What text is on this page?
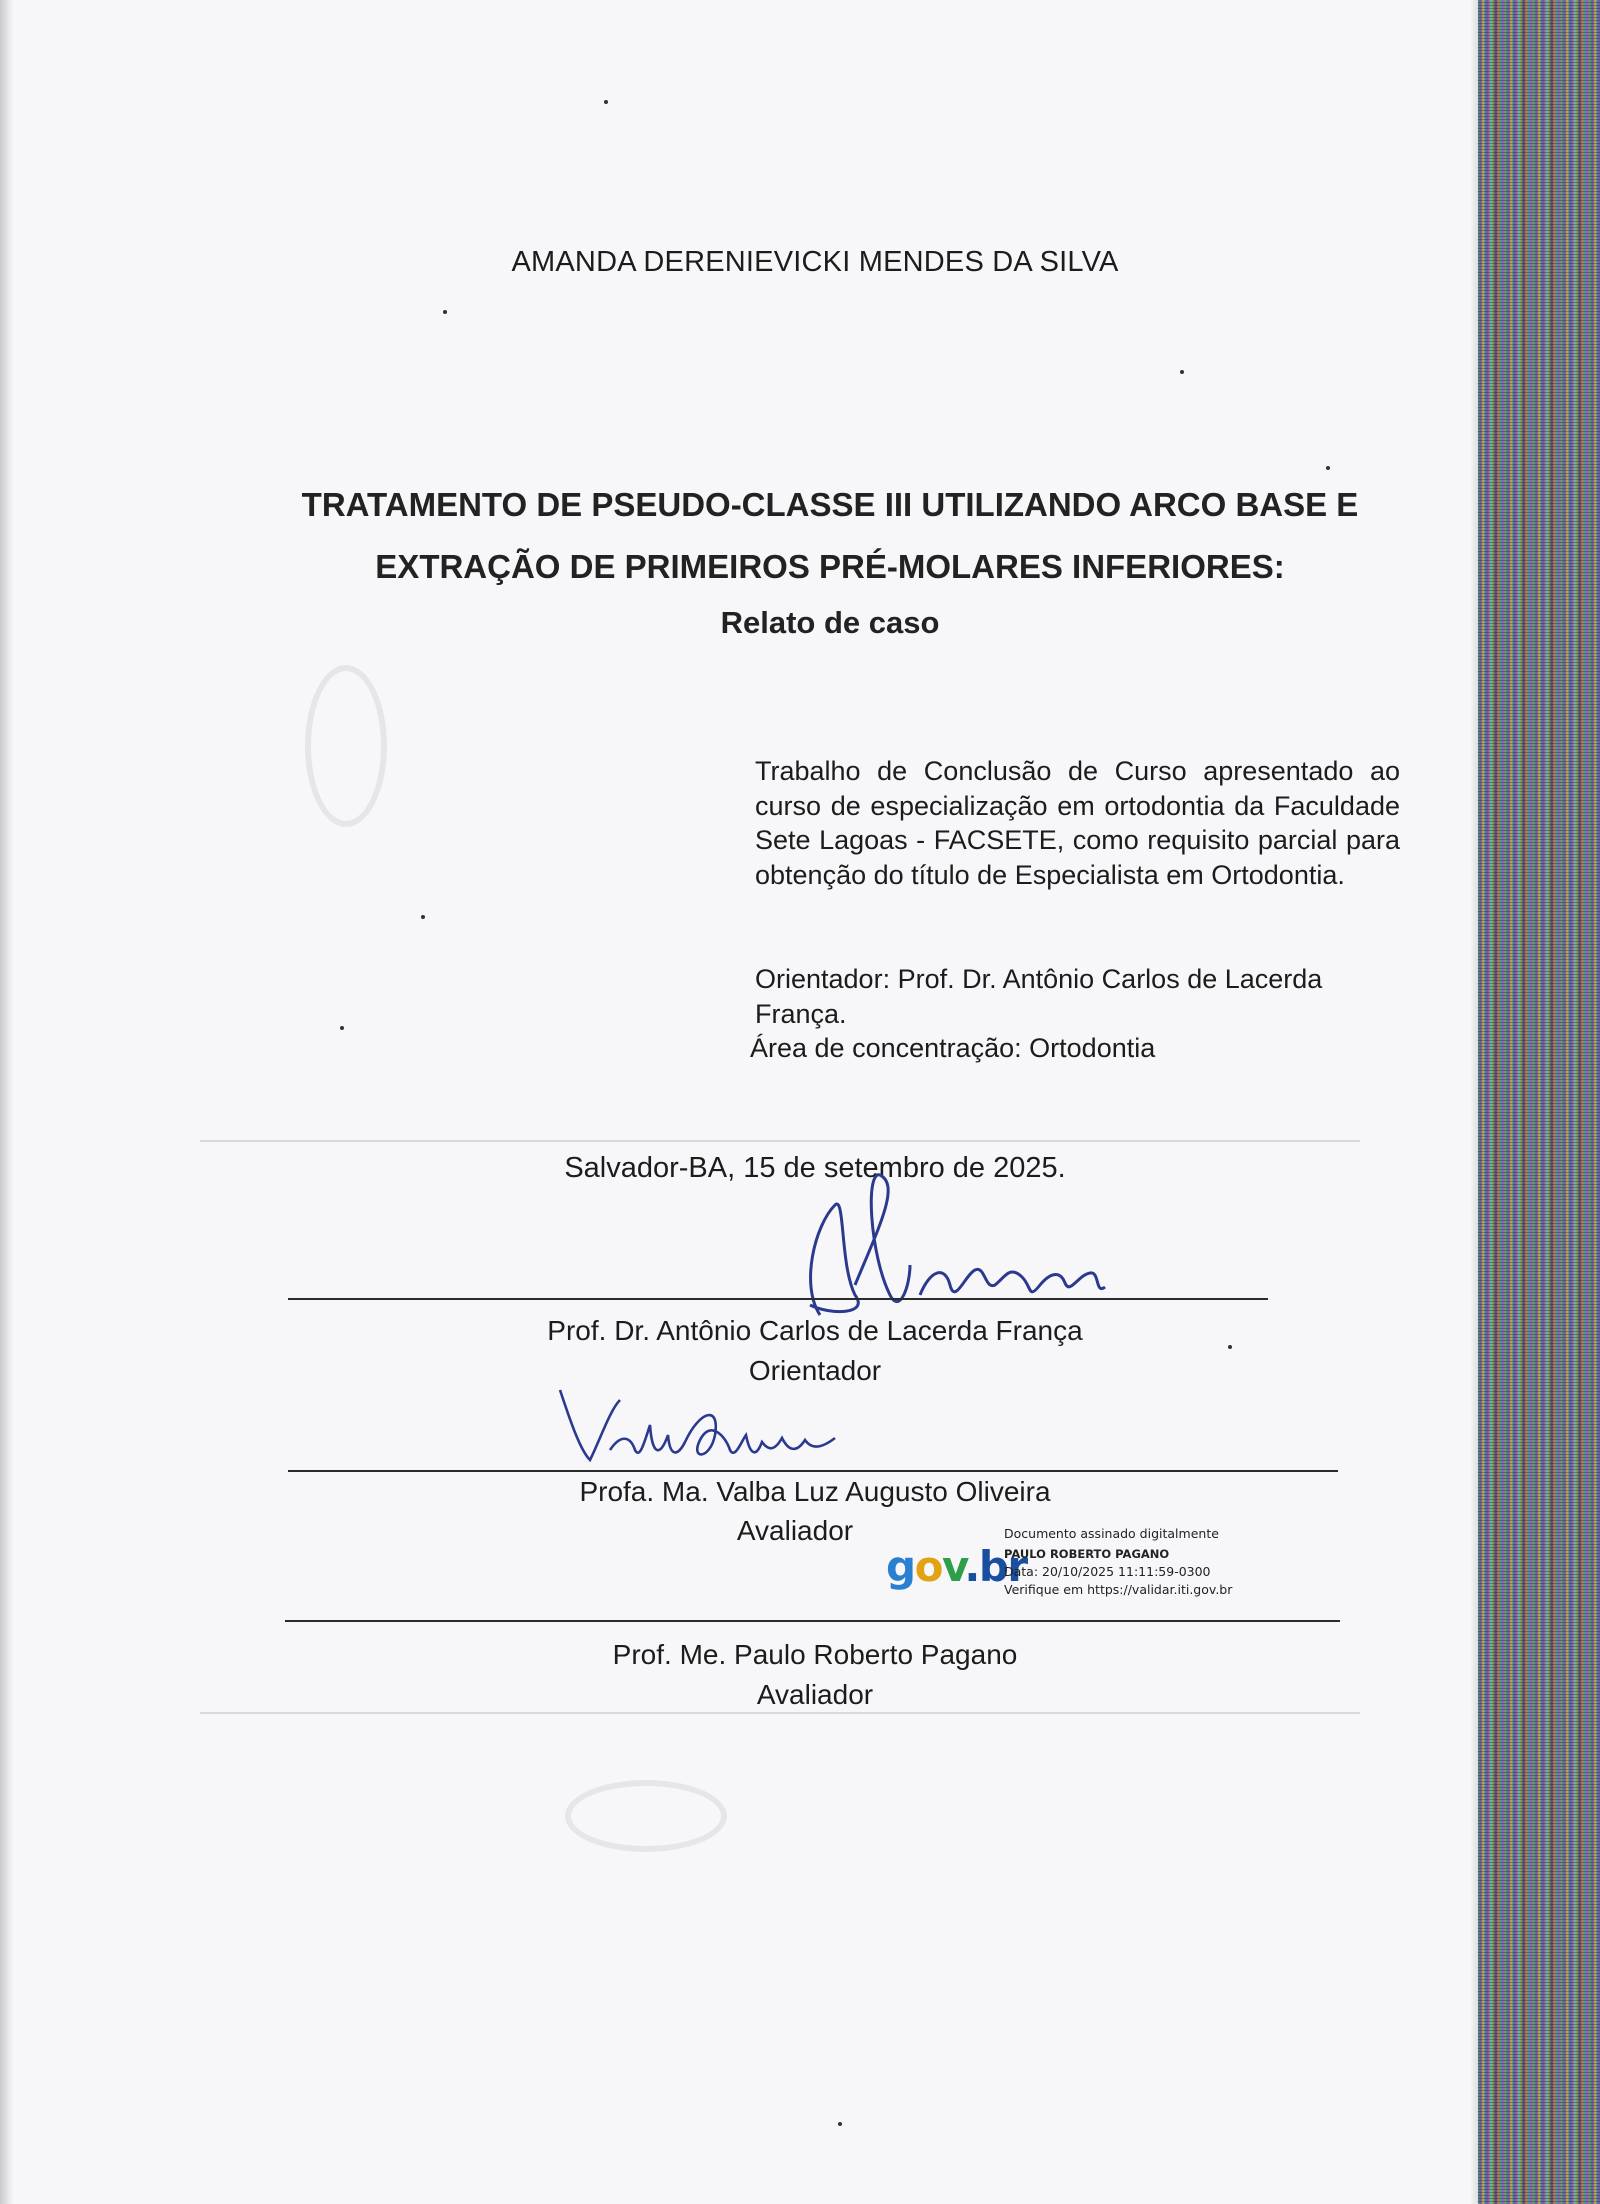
AMANDA DERENIEVICKI MENDES DA SILVA
TRATAMENTO DE PSEUDO-CLASSE III UTILIZANDO ARCO BASE E
EXTRAÇÃO DE PRIMEIROS PRÉ-MOLARES INFERIORES:
Relato de caso
Trabalho de Conclusão de Curso apresentado ao curso de especialização em ortodontia da Faculdade Sete Lagoas - FACSETE, como requisito parcial para obtenção do título de Especialista em Ortodontia.
Orientador: Prof. Dr. Antônio Carlos de Lacerda França.
Área de concentração: Ortodontia
Salvador-BA, 15 de setembro de 2025.
Prof. Dr. Antônio Carlos de Lacerda França
Orientador
Profa. Ma. Valba Luz Augusto Oliveira
Avaliador
gov.br
Documento assinado digitalmente
PAULO ROBERTO PAGANO
Data: 20/10/2025 11:11:59-0300
Verifique em https://validar.iti.gov.br
Prof. Me. Paulo Roberto Pagano
Avaliador
